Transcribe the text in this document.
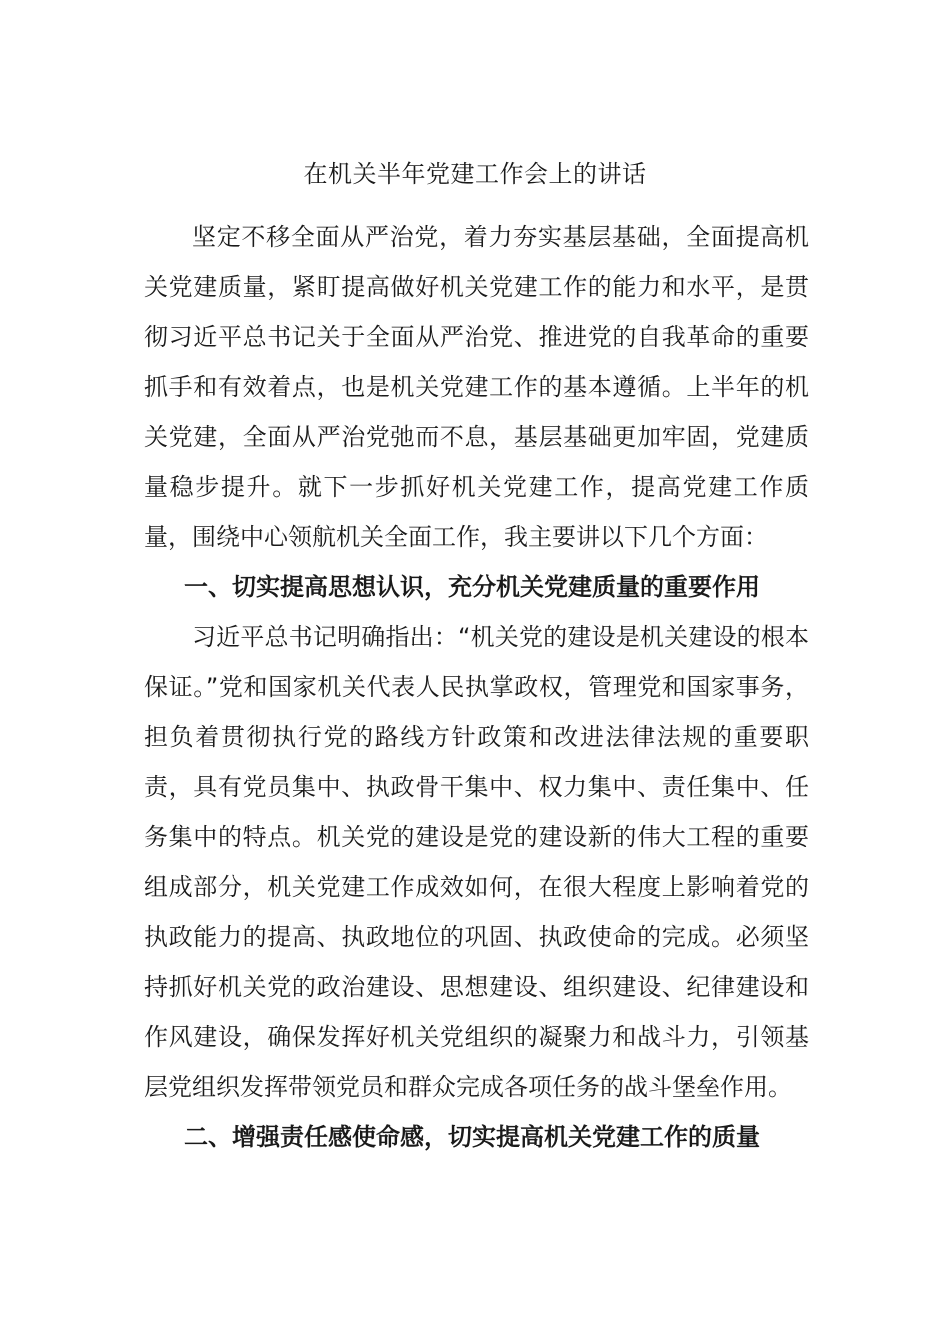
在机关半年党建工作会上的讲话

坚定不移全面从严治党，着力夯实基层基础，全面提高机关党建质量，紧盯提高做好机关党建工作的能力和水平，是贯彻习近平总书记关于全面从严治党、推进党的自我革命的重要抓手和有效着点，也是机关党建工作的基本遵循。上半年的机关党建，全面从严治党弛而不息，基层基础更加牢固，党建质量稳步提升。就下一步抓好机关党建工作，提高党建工作质量，围绕中心领航机关全面工作，我主要讲以下几个方面：

一、切实提高思想认识，充分机关党建质量的重要作用

习近平总书记明确指出：“机关党的建设是机关建设的根本保证。”党和国家机关代表人民执掌政权，管理党和国家事务，担负着贯彻执行党的路线方针政策和改进法律法规的重要职责，具有党员集中、执政骨干集中、权力集中、责任集中、任务集中的特点。机关党的建设是党的建设新的伟大工程的重要组成部分，机关党建工作成效如何，在很大程度上影响着党的执政能力的提高、执政地位的巩固、执政使命的完成。必须坚持抓好机关党的政治建设、思想建设、组织建设、纪律建设和作风建设，确保发挥好机关党组织的凝聚力和战斗力，引领基层党组织发挥带领党员和群众完成各项任务的战斗堡垒作用。

二、增强责任感使命感，切实提高机关党建工作的质量
